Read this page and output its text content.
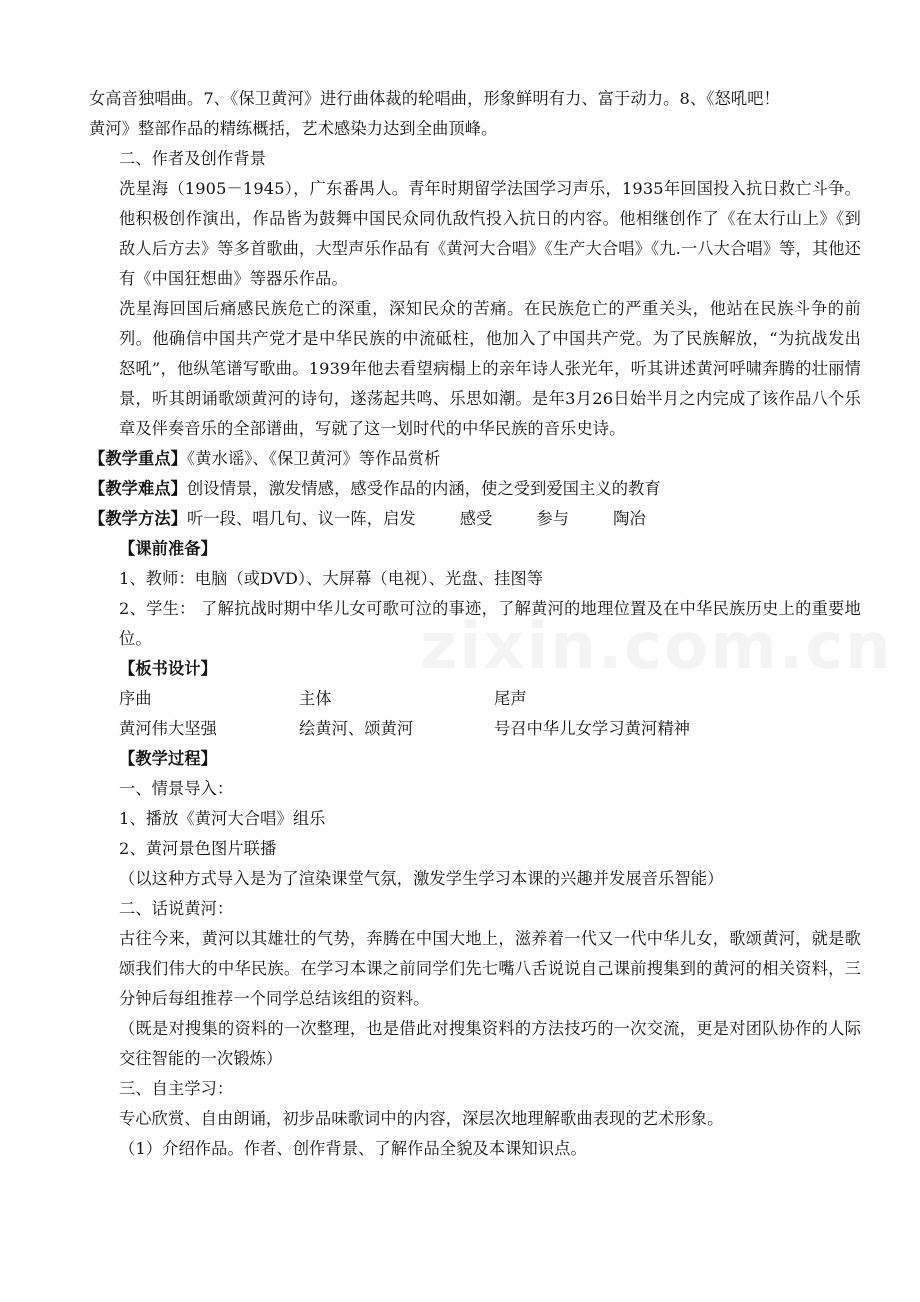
女高音独唱曲。7、《保卫黄河》进行曲体裁的轮唱曲，形象鲜明有力、富于动力。8、《怒吼吧！

黄河》整部作品的精练概括，艺术感染力达到全曲顶峰。

二、作者及创作背景

冼星海（1905－1945），广东番禺人。青年时期留学法国学习声乐，1935年回国投入抗日救亡斗争。他积极创作演出，作品皆为鼓舞中国民众同仇敌忾投入抗日的内容。他相继创作了《在太行山上》《到敌人后方去》等多首歌曲，大型声乐作品有《黄河大合唱》《生产大合唱》《九.一八大合唱》等，其他还有《中国狂想曲》等器乐作品。

冼星海回国后痛感民族危亡的深重，深知民众的苦痛。在民族危亡的严重关头，他站在民族斗争的前列。他确信中国共产党才是中华民族的中流砥柱，他加入了中国共产党。为了民族解放，“为抗战发出怒吼”，他纵笔谱写歌曲。1939年他去看望病榻上的亲年诗人张光年，听其讲述黄河呼啸奔腾的壮丽情景，听其朗诵歌颂黄河的诗句，遂荡起共鸣、乐思如潮。是年3月26日始半月之内完成了该作品八个乐章及伴奏音乐的全部谱曲，写就了这一划时代的中华民族的音乐史诗。

【教学重点】《黄水谣》、《保卫黄河》等作品赏析

【教学难点】创设情景，激发情感，感受作品的内涵，使之受到爱国主义的教育

【教学方法】听一段、唱几句、议一阵，启发	感受	参与	陶冶

【课前准备】

1、教师：电脑（或DVD）、大屏幕（电视）、光盘、挂图等

2、学生： 了解抗战时期中华儿女可歌可泣的事迹，了解黄河的地理位置及在中华民族历史上的重要地位。

【板书设计】

序曲	主体	尾声
黄河伟大坚强	绘黄河、颂黄河	号召中华儿女学习黄河精神

【教学过程】

一、情景导入：

1、播放《黄河大合唱》组乐

2、黄河景色图片联播

（以这种方式导入是为了渲染课堂气氛，激发学生学习本课的兴趣并发展音乐智能）

二、话说黄河：

古往今来，黄河以其雄壮的气势，奔腾在中国大地上，滋养着一代又一代中华儿女，歌颂黄河，就是歌颂我们伟大的中华民族。在学习本课之前同学们先七嘴八舌说说自己课前搜集到的黄河的相关资料，三分钟后每组推荐一个同学总结该组的资料。

（既是对搜集的资料的一次整理，也是借此对搜集资料的方法技巧的一次交流，更是对团队协作的人际交往智能的一次锻炼）

三、自主学习：

专心欣赏、自由朗诵，初步品味歌词中的内容，深层次地理解歌曲表现的艺术形象。

（1）介绍作品。作者、创作背景、了解作品全貌及本课知识点。
